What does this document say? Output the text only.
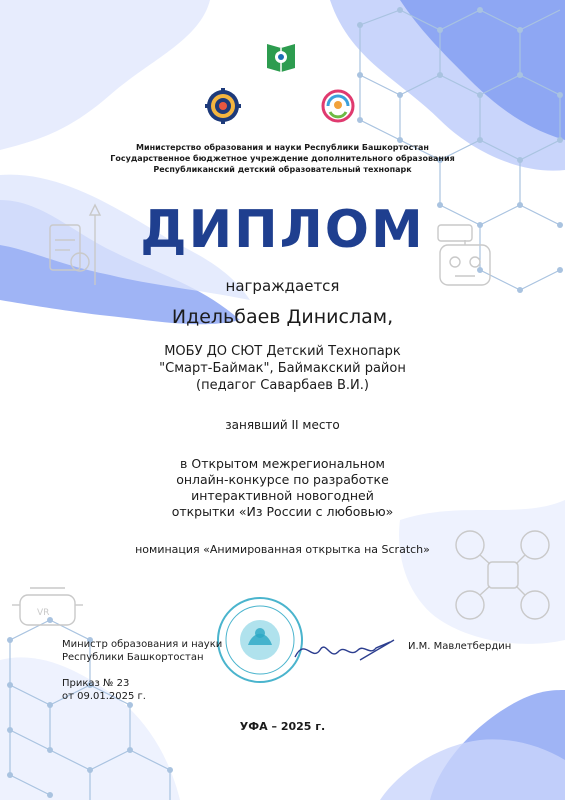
VR
Министерство образования и науки Республики Башкортостан
Государственное бюджетное учреждение дополнительного образования
Республиканский детский образовательный технопарк
ДИПЛОМ
награждается
Идельбаев Динислам,
МОБУ ДО СЮТ Детский Технопарк
"Смарт-Баймак", Баймакский район
(педагог Саварбаев В.И.)
занявший II место
в Открытом межрегиональном
онлайн-конкурсе по разработке
интерактивной новогодней
открытки «Из России с любовью»
номинация «Анимированная открытка на Scratch»
Министр образования и науки
Республики Башкортостан
И.М. Мавлетбердин
Приказ № 23
от 09.01.2025 г.
УФА – 2025 г.
